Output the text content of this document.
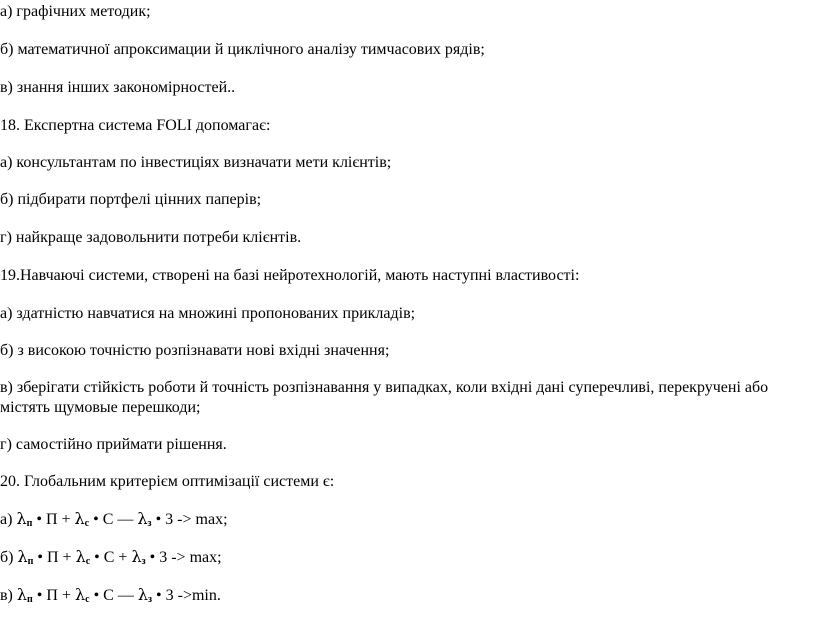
а) графічних методик;
б) математичної апроксимации й циклічного аналізу тимчасових рядів;
в) знання інших закономірностей..
18. Експертна система FOLI допомагає:
а) консультантам по інвестиціях визначати мети клієнтів;
б) підбирати портфелі цінних паперів;
г) найкраще задовольнити потреби клієнтів.
19.Навчаючі системи, створені на базі нейротехнологій, мають наступні властивості:
а) здатністю навчатися на множині пропонованих прикладів;
б) з високою точністю розпізнавати нові вхідні значення;
в) зберігати стійкість роботи й точність розпізнавання у випадках, коли вхідні дані суперечливі, перекручені або містять щумовые перешкоди;
г) самостійно приймати рішення.
20. Глобальним критерієм оптимізації системи є:
а) λп • П + λс • С — λз • 3 -> max;
б) λп • П + λс • С + λз • 3 -> max;
в) λп • П + λс • С — λз • 3 ->min.
